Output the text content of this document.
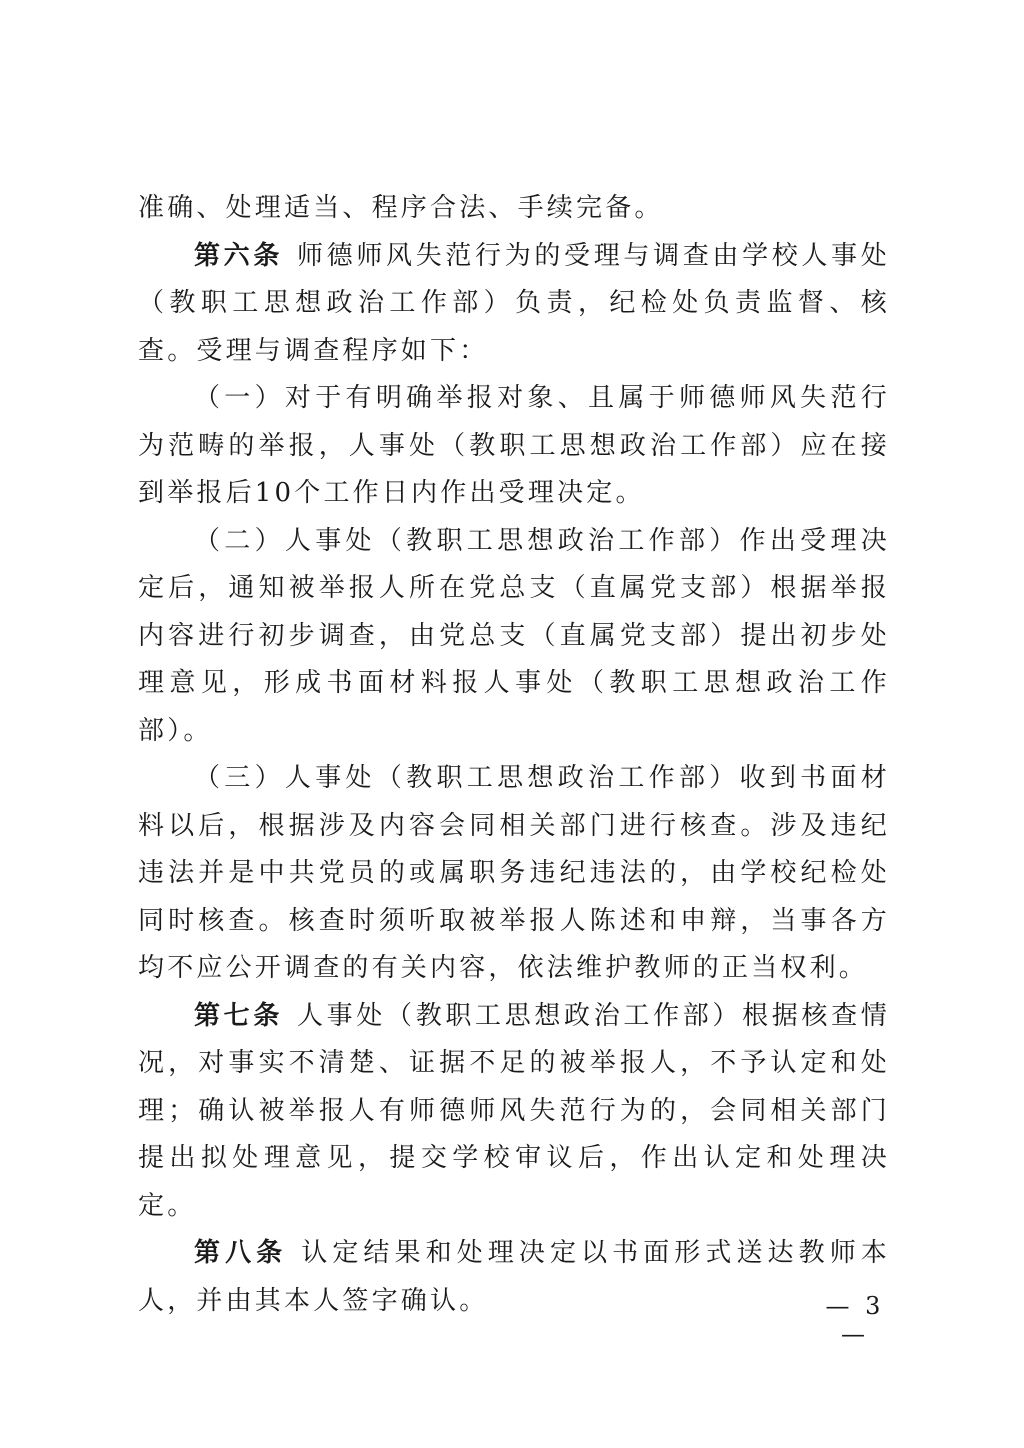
准确、处理适当、程序合法、手续完备。

第六条 师德师风失范行为的受理与调查由学校人事处（教职工思想政治工作部）负责，纪检处负责监督、核查。受理与调查程序如下：

（一）对于有明确举报对象、且属于师德师风失范行为范畴的举报，人事处（教职工思想政治工作部）应在接到举报后10个工作日内作出受理决定。

（二）人事处（教职工思想政治工作部）作出受理决定后，通知被举报人所在党总支（直属党支部）根据举报内容进行初步调查，由党总支（直属党支部）提出初步处理意见，形成书面材料报人事处（教职工思想政治工作部）。

（三）人事处（教职工思想政治工作部）收到书面材料以后，根据涉及内容会同相关部门进行核查。涉及违纪违法并是中共党员的或属职务违纪违法的，由学校纪检处同时核查。核查时须听取被举报人陈述和申辩，当事各方均不应公开调查的有关内容，依法维护教师的正当权利。

第七条 人事处（教职工思想政治工作部）根据核查情况，对事实不清楚、证据不足的被举报人，不予认定和处理；确认被举报人有师德师风失范行为的，会同相关部门提出拟处理意见，提交学校审议后，作出认定和处理决定。

第八条 认定结果和处理决定以书面形式送达教师本人，并由其本人签字确认。	— 3 —
